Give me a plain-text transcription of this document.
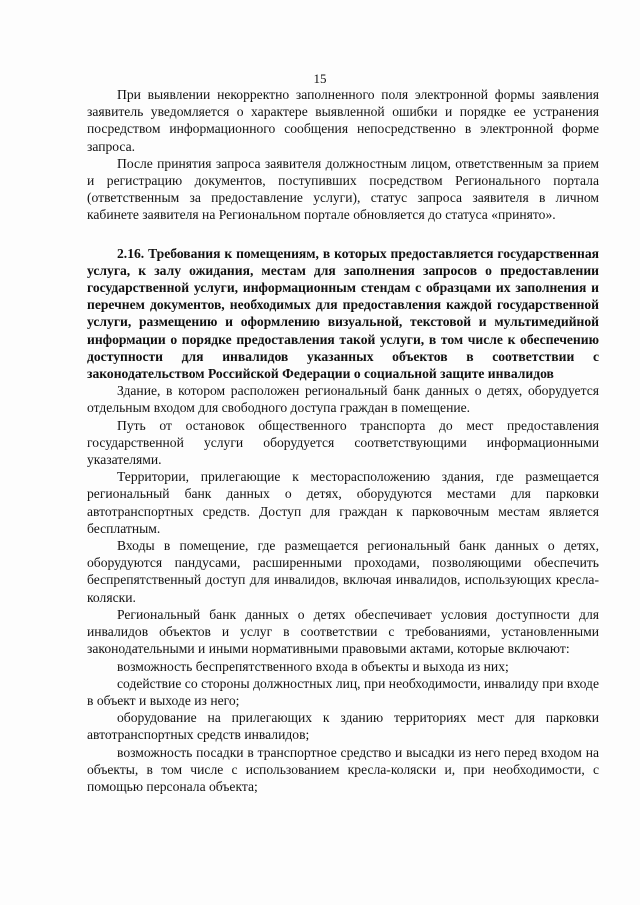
15

При выявлении некорректно заполненного поля электронной формы заявления заявитель уведомляется о характере выявленной ошибки и порядке ее устранения посредством информационного сообщения непосредственно в электронной форме запроса.

После принятия запроса заявителя должностным лицом, ответственным за прием и регистрацию документов, поступивших посредством Регионального портала (ответственным за предоставление услуги), статус запроса заявителя в личном кабинете заявителя на Региональном портале обновляется до статуса «принято».

2.16. Требования к помещениям, в которых предоставляется государственная услуга, к залу ожидания, местам для заполнения запросов о предоставлении государственной услуги, информационным стендам с образцами их заполнения и перечнем документов, необходимых для предоставления каждой государственной услуги, размещению и оформлению визуальной, текстовой и мультимедийной информации о порядке предоставления такой услуги, в том числе к обеспечению доступности для инвалидов указанных объектов в соответствии с законодательством Российской Федерации о социальной защите инвалидов

Здание, в котором расположен региональный банк данных о детях, оборудуется отдельным входом для свободного доступа граждан в помещение.

Путь от остановок общественного транспорта до мест предоставления государственной услуги оборудуется соответствующими информационными указателями.

Территории, прилегающие к месторасположению здания, где размещается региональный банк данных о детях, оборудуются местами для парковки автотранспортных средств. Доступ для граждан к парковочным местам является бесплатным.

Входы в помещение, где размещается региональный банк данных о детях, оборудуются пандусами, расширенными проходами, позволяющими обеспечить беспрепятственный доступ для инвалидов, включая инвалидов, использующих кресла-коляски.

Региональный банк данных о детях обеспечивает условия доступности для инвалидов объектов и услуг в соответствии с требованиями, установленными законодательными и иными нормативными правовыми актами, которые включают:

возможность беспрепятственного входа в объекты и выхода из них;

содействие со стороны должностных лиц, при необходимости, инвалиду при входе в объект и выходе из него;

оборудование на прилегающих к зданию территориях мест для парковки автотранспортных средств инвалидов;

возможность посадки в транспортное средство и высадки из него перед входом на объекты, в том числе с использованием кресла-коляски и, при необходимости, с помощью персонала объекта;
